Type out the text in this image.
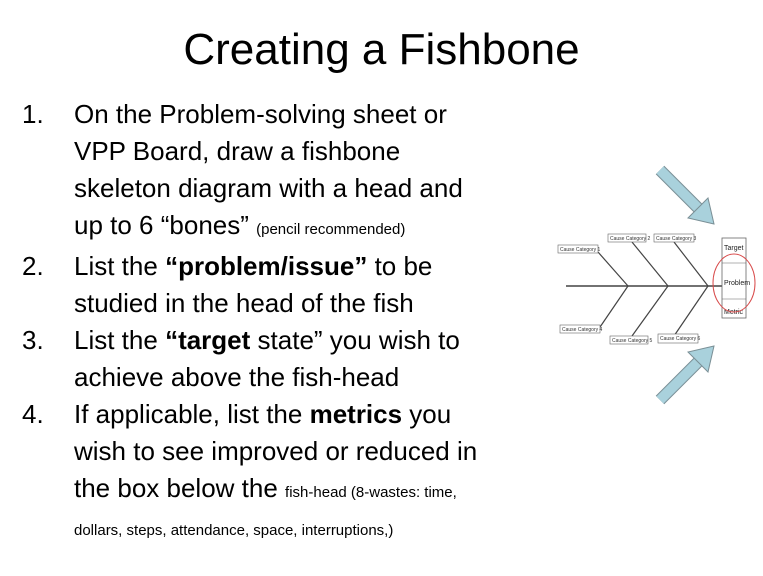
Creating a Fishbone
1. On the Problem-solving sheet or
VPP Board, draw a fishbone
skeleton diagram with a head and
up to 6 “bones” (pencil recommended)
2. List the “problem/issue” to be
studied in the head of the fish
3. List the “target state” you wish to
achieve above the fish-head
4. If applicable, list the metrics you
wish to see improved or reduced in
the box below the fish-head (8-wastes: time,
dollars, steps, attendance, space, interruptions,)
Cause Category 1
Cause Category 2 Cause Category 3
Cause Category 4
Cause Category 5 Cause Category 6
Target
Problem
Metric
